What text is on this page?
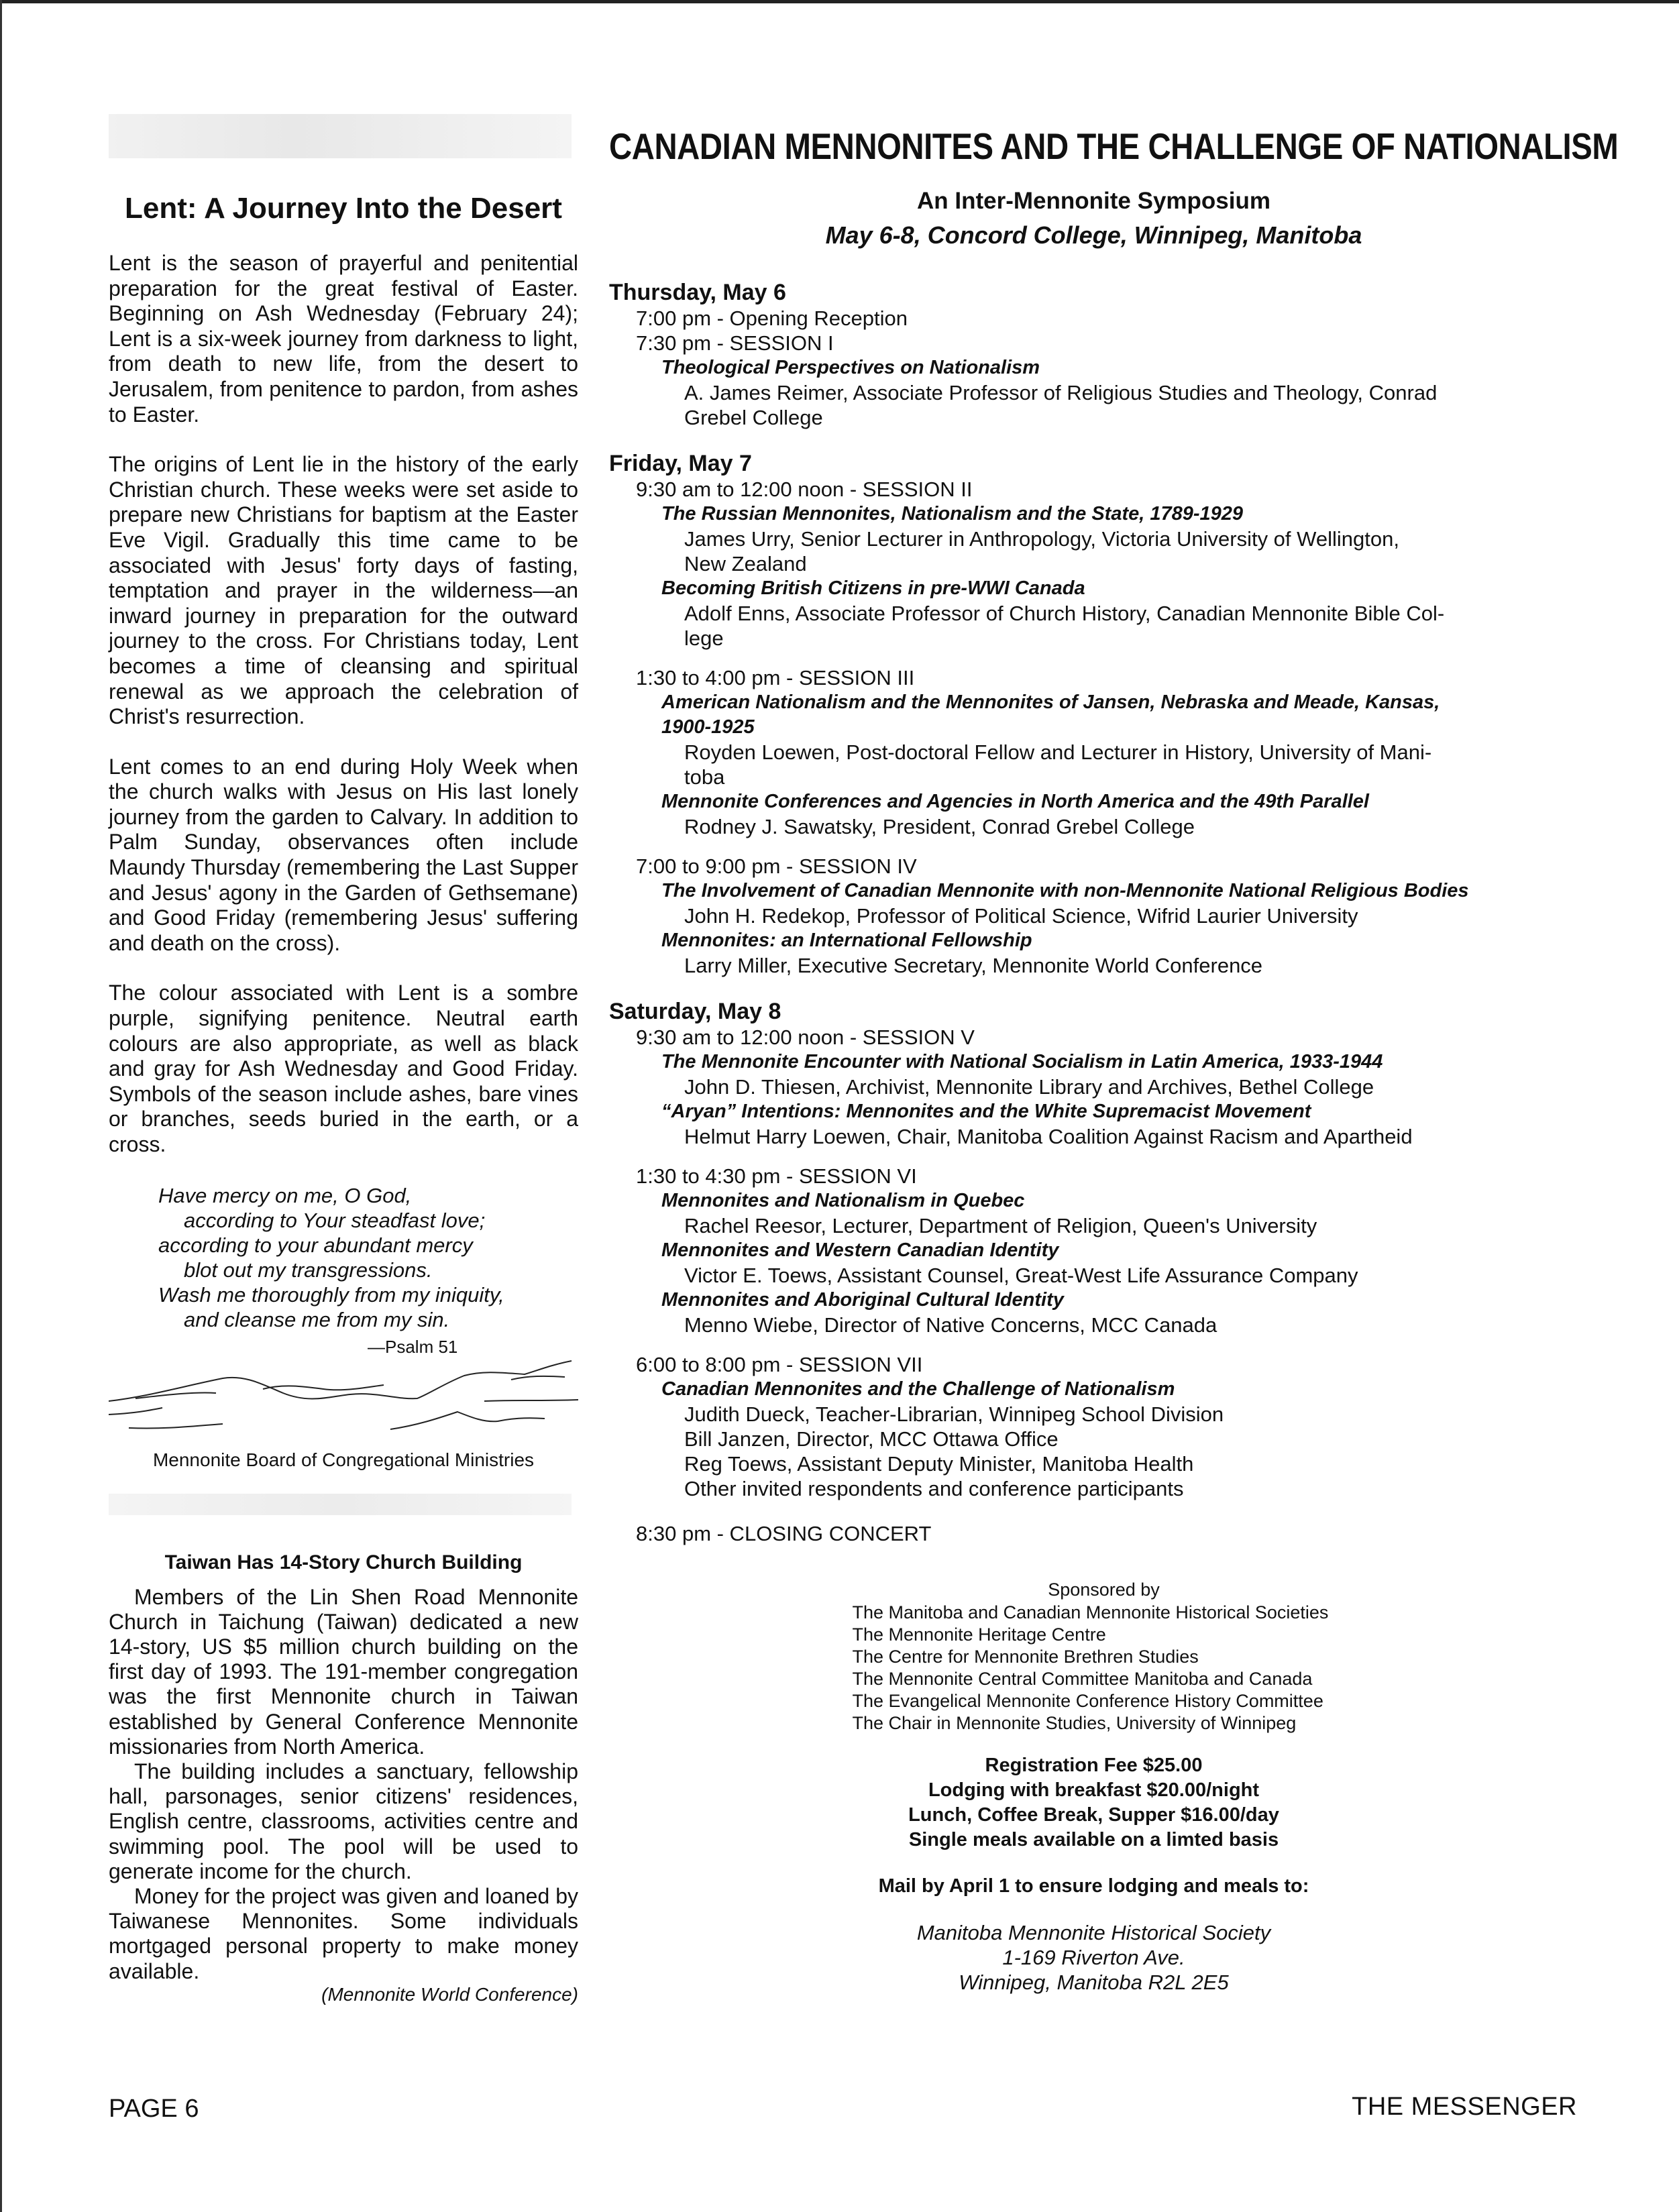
Lent: A Journey Into the Desert

Lent is the season of prayerful and penitential preparation for the great festival of Easter. Beginning on Ash Wednesday (February 24); Lent is a six-week journey from darkness to light, from death to new life, from the desert to Jerusalem, from penitence to pardon, from ashes to Easter.

The origins of Lent lie in the history of the early Christian church. These weeks were set aside to prepare new Christians for baptism at the Easter Eve Vigil. Gradually this time came to be associated with Jesus' forty days of fasting, temptation and prayer in the wilderness—an inward journey in preparation for the outward journey to the cross. For Christians today, Lent becomes a time of cleansing and spiritual renewal as we approach the celebration of Christ's resurrection.

Lent comes to an end during Holy Week when the church walks with Jesus on His last lonely journey from the garden to Calvary. In addition to Palm Sunday, observances often include Maundy Thursday (remembering the Last Supper and Jesus' agony in the Garden of Gethsemane) and Good Friday (remembering Jesus' suffering and death on the cross).

The colour associated with Lent is a sombre purple, signifying penitence. Neutral earth colours are also appropriate, as well as black and gray for Ash Wednesday and Good Friday. Symbols of the season include ashes, bare vines or branches, seeds buried in the earth, or a cross.

Have mercy on me, O God,
according to Your steadfast love;
according to your abundant mercy
blot out my transgressions.
Wash me thoroughly from my iniquity,
and cleanse me from my sin.
—Psalm 51
Mennonite Board of Congregational Ministries
Taiwan Has 14-Story Church Building

Members of the Lin Shen Road Mennonite Church in Taichung (Taiwan) dedicated a new 14-story, US $5 million church building on the first day of 1993. The 191-member congregation was the first Mennonite church in Taiwan established by General Conference Mennonite missionaries from North America.

The building includes a sanctuary, fellowship hall, parsonages, senior citizens' residences, English centre, classrooms, activities centre and swimming pool. The pool will be used to generate income for the church.

Money for the project was given and loaned by Taiwanese Mennonites. Some individuals mortgaged personal property to make money available.

(Mennonite World Conference)
CANADIAN MENNONITES AND THE CHALLENGE OF NATIONALISM
An Inter-Mennonite Symposium
May 6-8, Concord College, Winnipeg, Manitoba
Thursday, May 6
7:00 pm - Opening Reception
7:30 pm - SESSION I
Theological Perspectives on Nationalism
A. James Reimer, Associate Professor of Religious Studies and Theology, Conrad
Grebel College
Friday, May 7
9:30 am to 12:00 noon - SESSION II
The Russian Mennonites, Nationalism and the State, 1789-1929
James Urry, Senior Lecturer in Anthropology, Victoria University of Wellington,
New Zealand
Becoming British Citizens in pre-WWI Canada
Adolf Enns, Associate Professor of Church History, Canadian Mennonite Bible Col-
lege
1:30 to 4:00 pm - SESSION III
American Nationalism and the Mennonites of Jansen, Nebraska and Meade, Kansas,
1900-1925
Royden Loewen, Post-doctoral Fellow and Lecturer in History, University of Mani-
toba
Mennonite Conferences and Agencies in North America and the 49th Parallel
Rodney J. Sawatsky, President, Conrad Grebel College
7:00 to 9:00 pm - SESSION IV
The Involvement of Canadian Mennonite with non-Mennonite National Religious Bodies
John H. Redekop, Professor of Political Science, Wifrid Laurier University
Mennonites: an International Fellowship
Larry Miller, Executive Secretary, Mennonite World Conference
Saturday, May 8
9:30 am to 12:00 noon - SESSION V
The Mennonite Encounter with National Socialism in Latin America, 1933-1944
John D. Thiesen, Archivist, Mennonite Library and Archives, Bethel College
“Aryan” Intentions: Mennonites and the White Supremacist Movement
Helmut Harry Loewen, Chair, Manitoba Coalition Against Racism and Apartheid
1:30 to 4:30 pm - SESSION VI
Mennonites and Nationalism in Quebec
Rachel Reesor, Lecturer, Department of Religion, Queen's University
Mennonites and Western Canadian Identity
Victor E. Toews, Assistant Counsel, Great-West Life Assurance Company
Mennonites and Aboriginal Cultural Identity
Menno Wiebe, Director of Native Concerns, MCC Canada
6:00 to 8:00 pm - SESSION VII
Canadian Mennonites and the Challenge of Nationalism
Judith Dueck, Teacher-Librarian, Winnipeg School Division
Bill Janzen, Director, MCC Ottawa Office
Reg Toews, Assistant Deputy Minister, Manitoba Health
Other invited respondents and conference participants
8:30 pm - CLOSING CONCERT
Sponsored by
The Manitoba and Canadian Mennonite Historical Societies
The Mennonite Heritage Centre
The Centre for Mennonite Brethren Studies
The Mennonite Central Committee Manitoba and Canada
The Evangelical Mennonite Conference History Committee
The Chair in Mennonite Studies, University of Winnipeg
Registration Fee $25.00
Lodging with breakfast $20.00/night
Lunch, Coffee Break, Supper $16.00/day
Single meals available on a limted basis
Mail by April 1 to ensure lodging and meals to:
Manitoba Mennonite Historical Society
1-169 Riverton Ave.
Winnipeg, Manitoba R2L 2E5
PAGE 6	THE MESSENGER
